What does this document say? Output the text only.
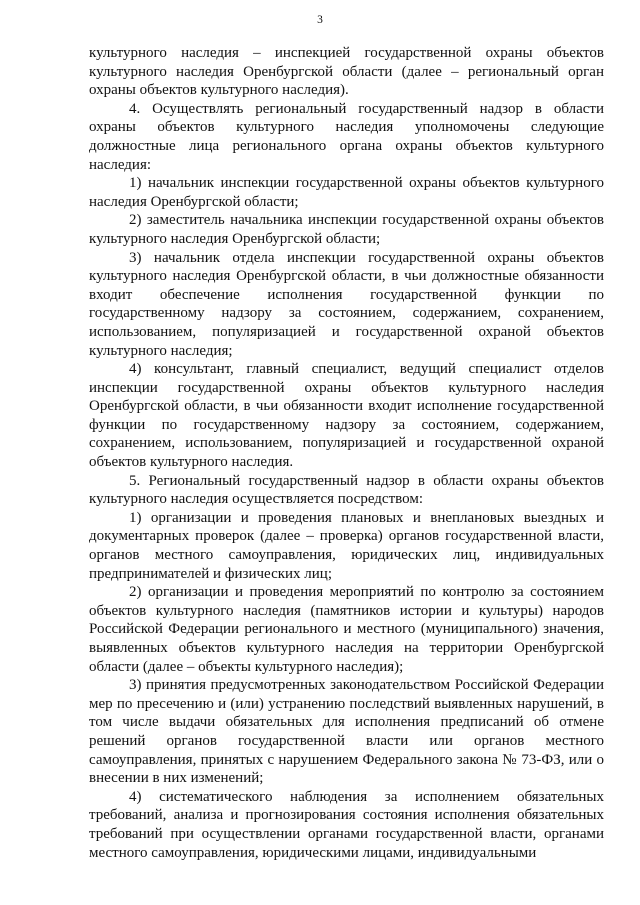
3

культурного наследия – инспекцией государственной охраны объектов культурного наследия Оренбургской области (далее – региональный орган охраны объектов культурного наследия).

4. Осуществлять региональный государственный надзор в области охраны объектов культурного наследия уполномочены следующие должностные лица регионального органа охраны объектов культурного наследия:

1) начальник инспекции государственной охраны объектов культурного наследия Оренбургской области;

2) заместитель начальника инспекции государственной охраны объектов культурного наследия Оренбургской области;

3) начальник отдела инспекции государственной охраны объектов культурного наследия Оренбургской области, в чьи должностные обязанности входит обеспечение исполнения государственной функции по государственному надзору за состоянием, содержанием, сохранением, использованием, популяризацией и государственной охраной объектов культурного наследия;

4) консультант, главный специалист, ведущий специалист отделов инспекции государственной охраны объектов культурного наследия Оренбургской области, в чьи обязанности входит исполнение государственной функции по государственному надзору за состоянием, содержанием, сохранением, использованием, популяризацией и государственной охраной объектов культурного наследия.

5. Региональный государственный надзор в области охраны объектов культурного наследия осуществляется посредством:

1) организации и проведения плановых и внеплановых выездных и документарных проверок (далее – проверка) органов государственной власти, органов местного самоуправления, юридических лиц, индивидуальных предпринимателей и физических лиц;

2) организации и проведения мероприятий по контролю за состоянием объектов культурного наследия (памятников истории и культуры) народов Российской Федерации регионального и местного (муниципального) значения, выявленных объектов культурного наследия на территории Оренбургской области (далее – объекты культурного наследия);

3) принятия предусмотренных законодательством Российской Федерации мер по пресечению и (или) устранению последствий выявленных нарушений, в том числе выдачи обязательных для исполнения предписаний об отмене решений органов государственной власти или органов местного самоуправления, принятых с нарушением Федерального закона № 73-ФЗ, или о внесении в них изменений;

4) систематического наблюдения за исполнением обязательных требований, анализа и прогнозирования состояния исполнения обязательных требований при осуществлении органами государственной власти, органами местного самоуправления, юридическими лицами, индивидуальными
